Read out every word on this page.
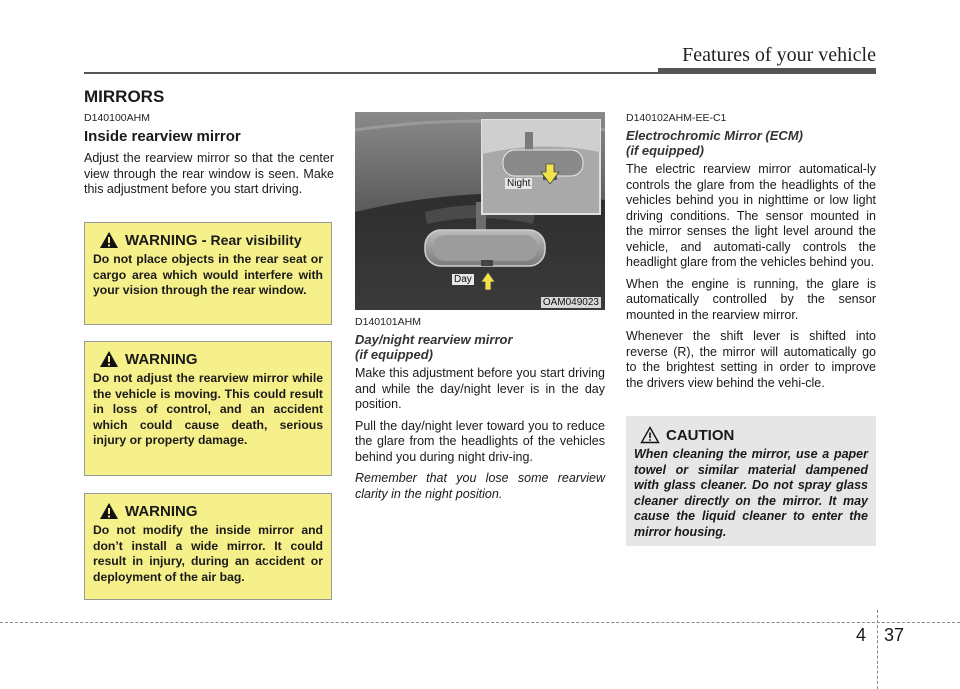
Features of your vehicle
MIRRORS
D140100AHM
Inside rearview mirror
Adjust the rearview mirror so that the center view through the rear window is seen. Make this adjustment before you start driving.
WARNING - Rear visibility
Do not place objects in the rear seat or cargo area which would interfere with your vision through the rear window.
WARNING
Do not adjust the rearview mirror while the vehicle is moving. This could result in loss of control, and an accident which could cause death, serious injury or property damage.
WARNING
Do not modify the inside mirror and don’t install a wide mirror. It could result in injury, during an accident or deployment of the air bag.
Night
Day
OAM049023
D140101AHM
Day/night rearview mirror
(if equipped)
Make this adjustment before you start driving and while the day/night lever is in the day position.
Pull the day/night lever toward you to reduce the glare from the headlights of the vehicles behind you during night driv-ing.
Remember that you lose some rearview clarity in the night position.
D140102AHM-EE-C1
Electrochromic Mirror (ECM)
(if equipped)
The electric rearview mirror automatical-ly controls the glare from the headlights of the vehicles behind you in nighttime or low light driving conditions. The sensor mounted in the mirror senses the light level around the vehicle, and automati-cally controls the headlight glare from the vehicles behind you.
When the engine is running, the glare is automatically controlled by the sensor mounted in the rearview mirror.
Whenever the shift lever is shifted into reverse (R), the mirror will automatically go to the brightest setting in order to improve the drivers view behind the vehi-cle.
CAUTION
When cleaning the mirror, use a paper towel or similar material dampened with glass cleaner. Do not spray glass cleaner directly on the mirror. It may cause the liquid cleaner to enter the mirror housing.
4 37
